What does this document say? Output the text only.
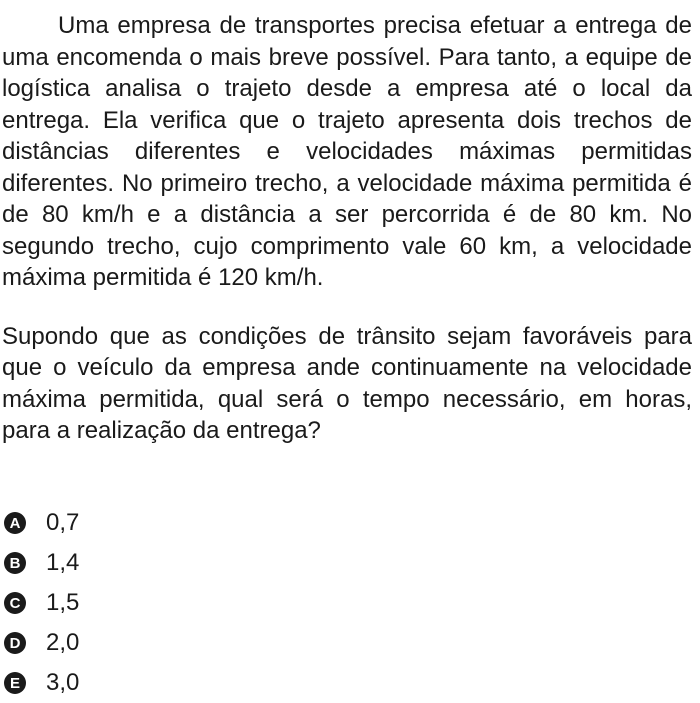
Uma empresa de transportes precisa efetuar a entrega de uma encomenda o mais breve possível. Para tanto, a equipe de logística analisa o trajeto desde a empresa até o local da entrega. Ela verifica que o trajeto apresenta dois trechos de distâncias diferentes e velocidades máximas permitidas diferentes. No primeiro trecho, a velocidade máxima permitida é de 80 km/h e a distância a ser percorrida é de 80 km. No segundo trecho, cujo comprimento vale 60 km, a velocidade máxima permitida é 120 km/h.

Supondo que as condições de trânsito sejam favoráveis para que o veículo da empresa ande continuamente na velocidade máxima permitida, qual será o tempo necessário, em horas, para a realização da entrega?

A 0,7
B 1,4
C 1,5
D 2,0
E 3,0
